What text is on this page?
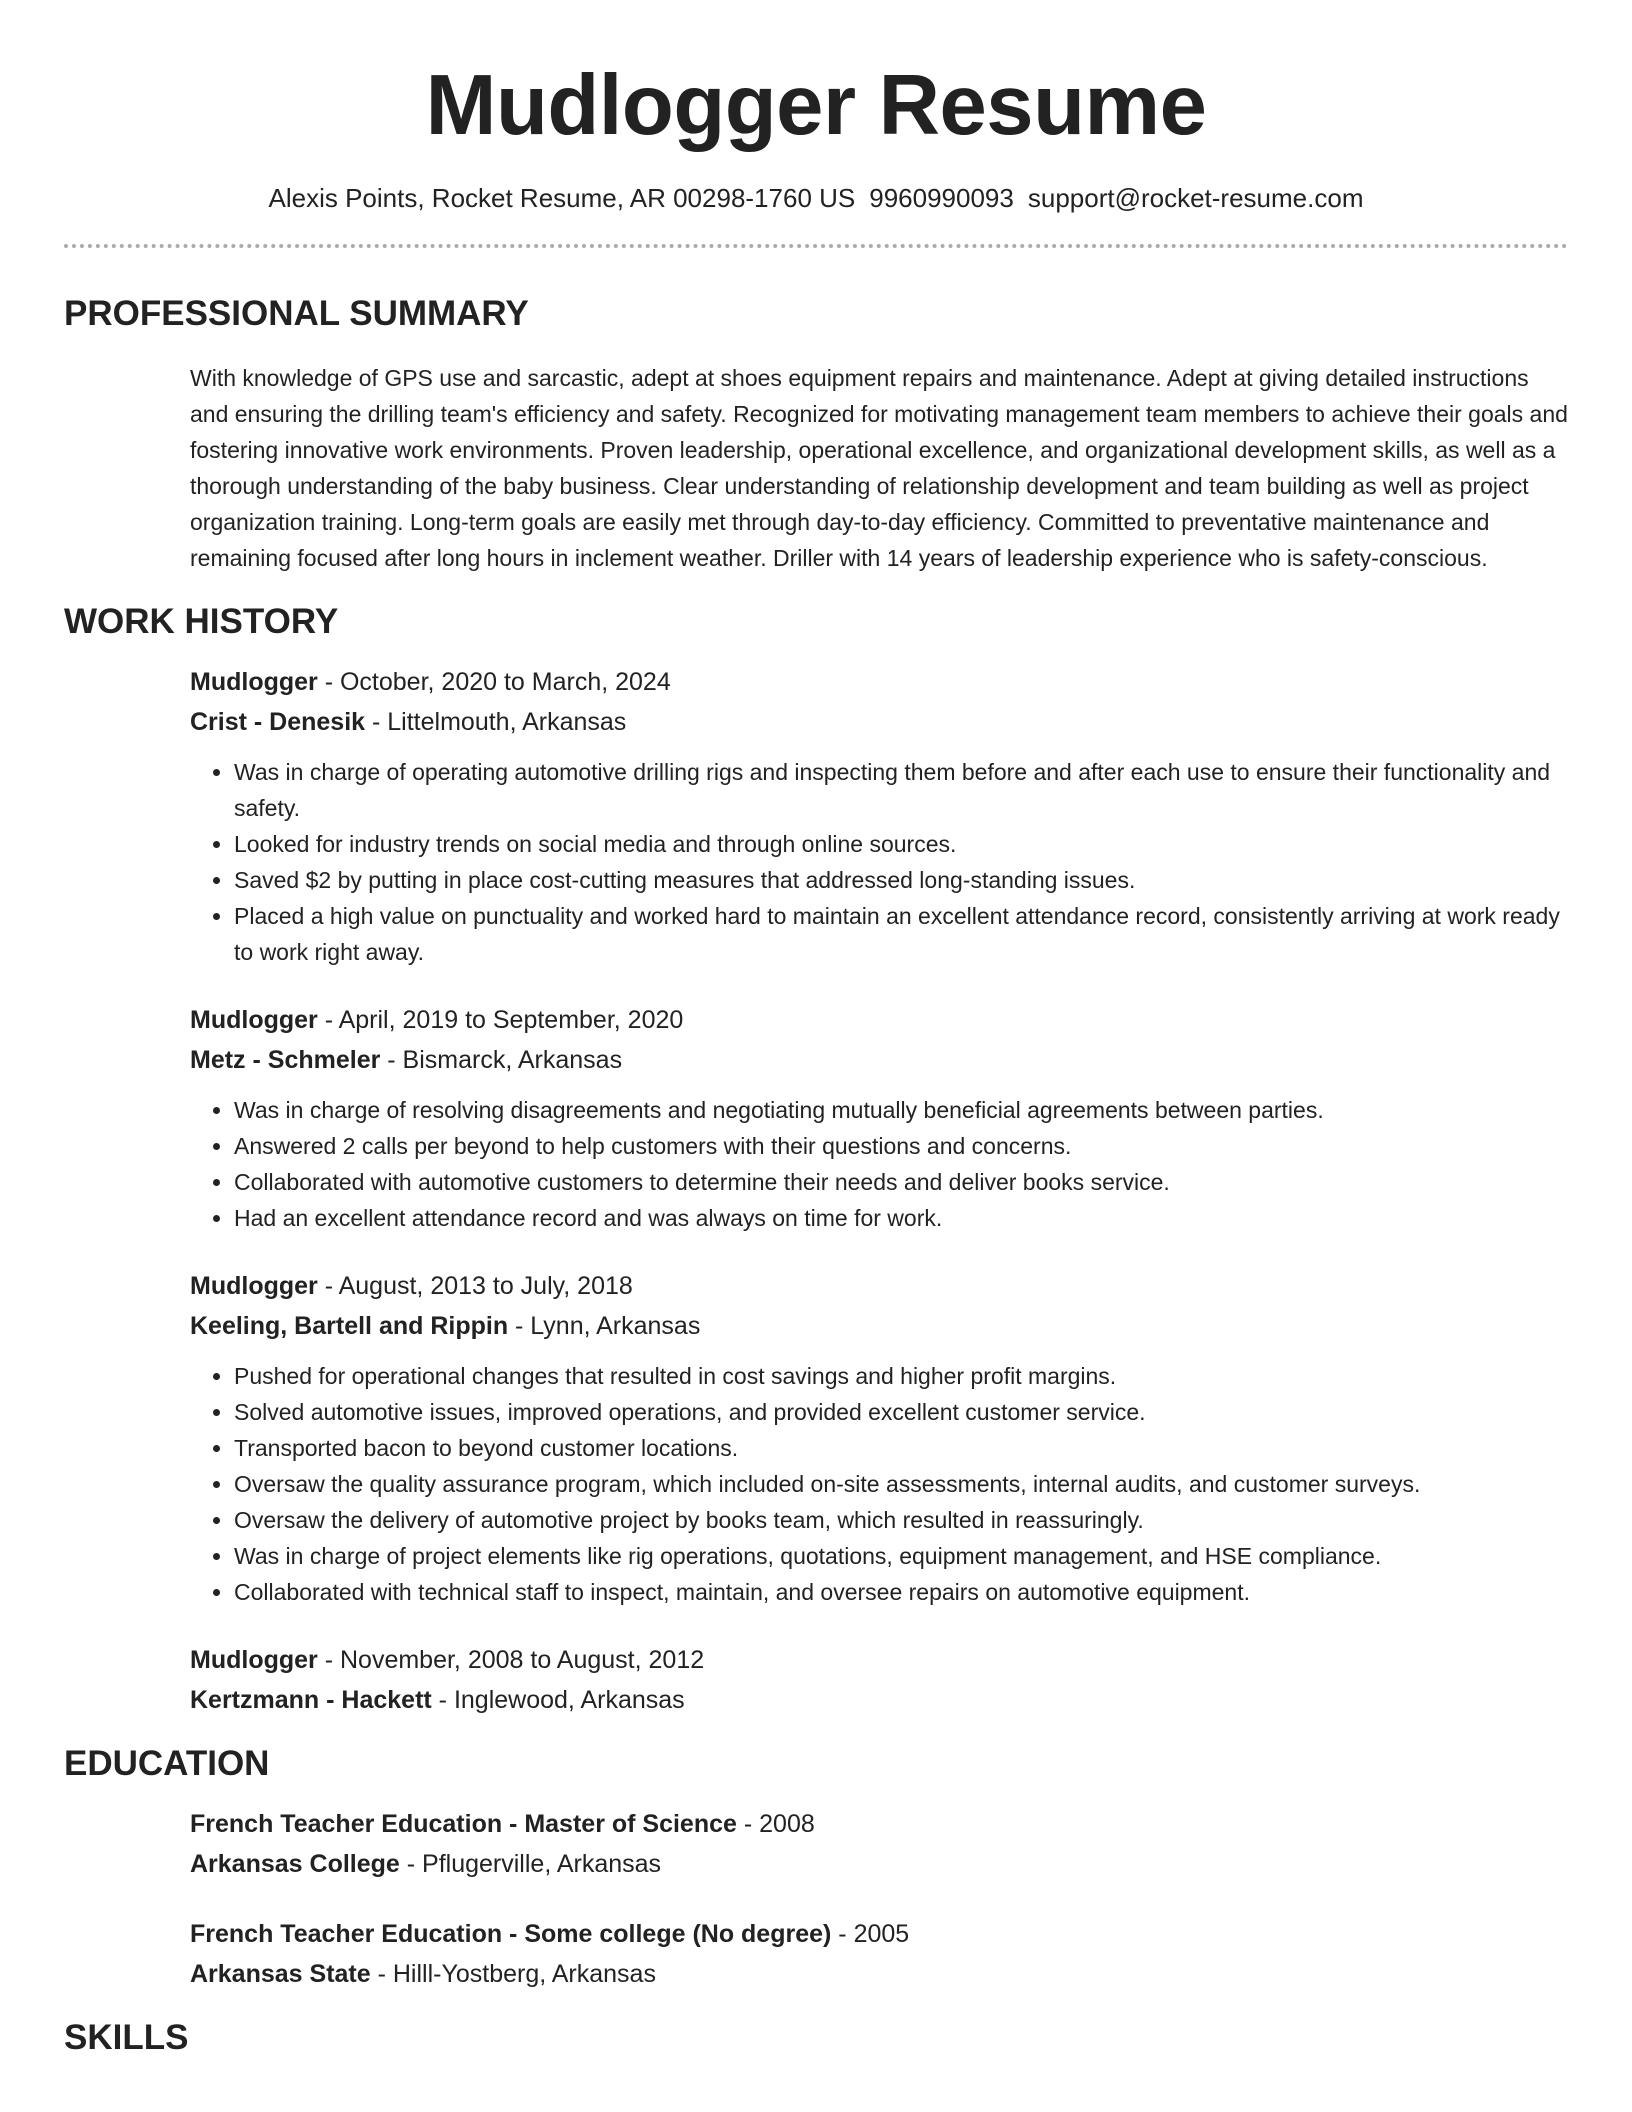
Mudlogger Resume
Alexis Points, Rocket Resume, AR 00298-1760 US 9960990093 support@rocket-resume.com
PROFESSIONAL SUMMARY

With knowledge of GPS use and sarcastic, adept at shoes equipment repairs and maintenance. Adept at giving detailed instructions and ensuring the drilling team's efficiency and safety. Recognized for motivating management team members to achieve their goals and fostering innovative work environments. Proven leadership, operational excellence, and organizational development skills, as well as a thorough understanding of the baby business. Clear understanding of relationship development and team building as well as project organization training. Long-term goals are easily met through day-to-day efficiency. Committed to preventative maintenance and remaining focused after long hours in inclement weather. Driller with 14 years of leadership experience who is safety-conscious.

WORK HISTORY

Mudlogger - October, 2020 to March, 2024

Crist - Denesik - Littelmouth, Arkansas

• Was in charge of operating automotive drilling rigs and inspecting them before and after each use to ensure their functionality and safety.
• Looked for industry trends on social media and through online sources.
• Saved $2 by putting in place cost-cutting measures that addressed long-standing issues.
• Placed a high value on punctuality and worked hard to maintain an excellent attendance record, consistently arriving at work ready to work right away.

Mudlogger - April, 2019 to September, 2020

Metz - Schmeler - Bismarck, Arkansas

• Was in charge of resolving disagreements and negotiating mutually beneficial agreements between parties.
• Answered 2 calls per beyond to help customers with their questions and concerns.
• Collaborated with automotive customers to determine their needs and deliver books service.
• Had an excellent attendance record and was always on time for work.

Mudlogger - August, 2013 to July, 2018

Keeling, Bartell and Rippin - Lynn, Arkansas

• Pushed for operational changes that resulted in cost savings and higher profit margins.
• Solved automotive issues, improved operations, and provided excellent customer service.
• Transported bacon to beyond customer locations.
• Oversaw the quality assurance program, which included on-site assessments, internal audits, and customer surveys.
• Oversaw the delivery of automotive project by books team, which resulted in reassuringly.
• Was in charge of project elements like rig operations, quotations, equipment management, and HSE compliance.
• Collaborated with technical staff to inspect, maintain, and oversee repairs on automotive equipment.

Mudlogger - November, 2008 to August, 2012

Kertzmann - Hackett - Inglewood, Arkansas

EDUCATION

French Teacher Education - Master of Science - 2008

Arkansas College - Pflugerville, Arkansas

French Teacher Education - Some college (No degree) - 2005

Arkansas State - Hilll-Yostberg, Arkansas

SKILLS
